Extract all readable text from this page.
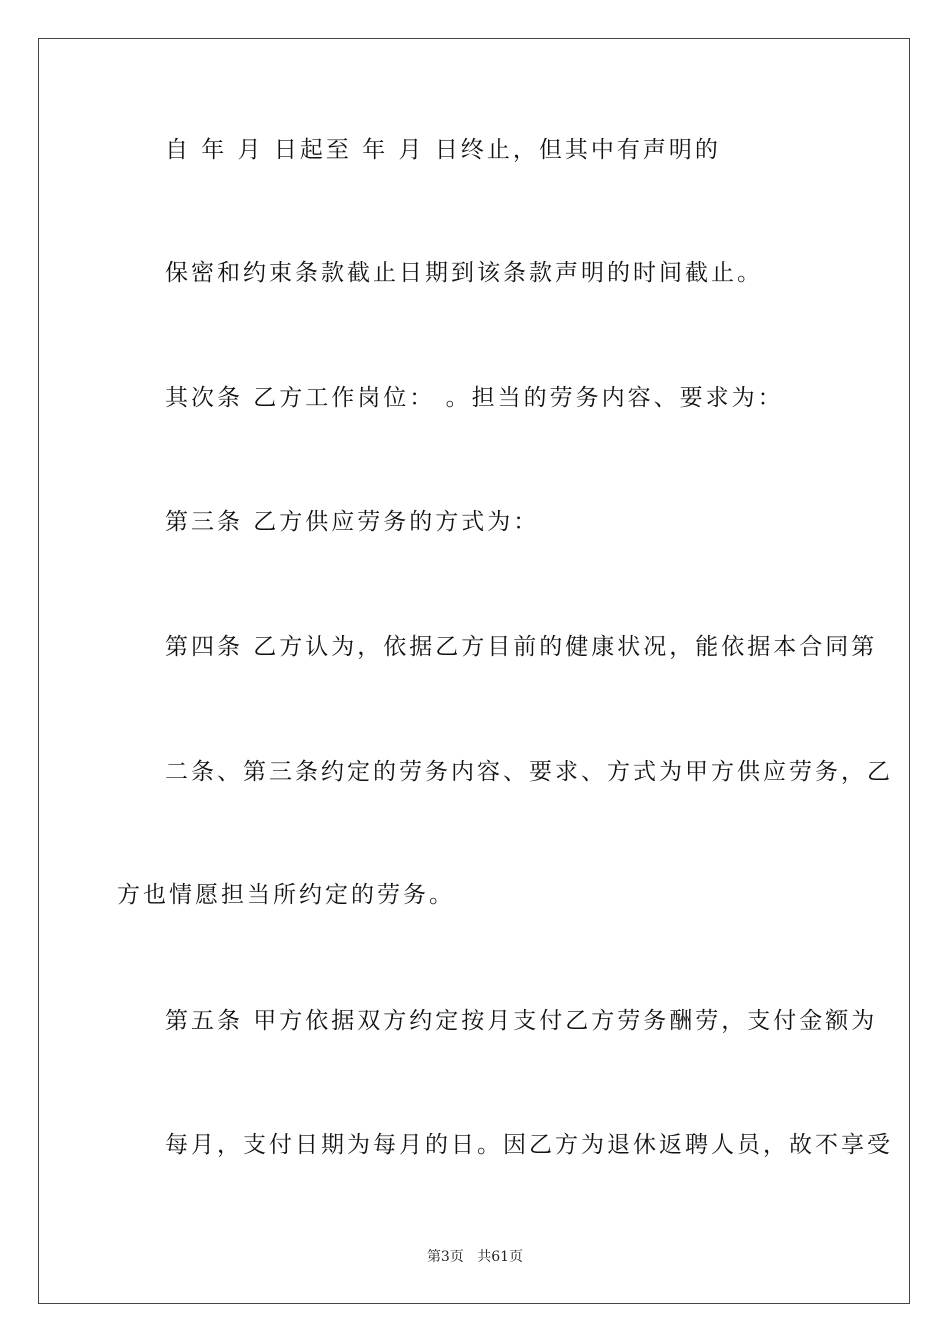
自 年 月 日起至 年 月 日终止，但其中有声明的
保密和约束条款截止日期到该条款声明的时间截止。
其次条 乙方工作岗位： 。担当的劳务内容、要求为：
第三条 乙方供应劳务的方式为：
第四条 乙方认为，依据乙方目前的健康状况，能依据本合同第
二条、第三条约定的劳务内容、要求、方式为甲方供应劳务，乙
方也情愿担当所约定的劳务。
第五条 甲方依据双方约定按月支付乙方劳务酬劳，支付金额为
每月，支付日期为每月的日。因乙方为退休返聘人员，故不享受
第3页 共61页
